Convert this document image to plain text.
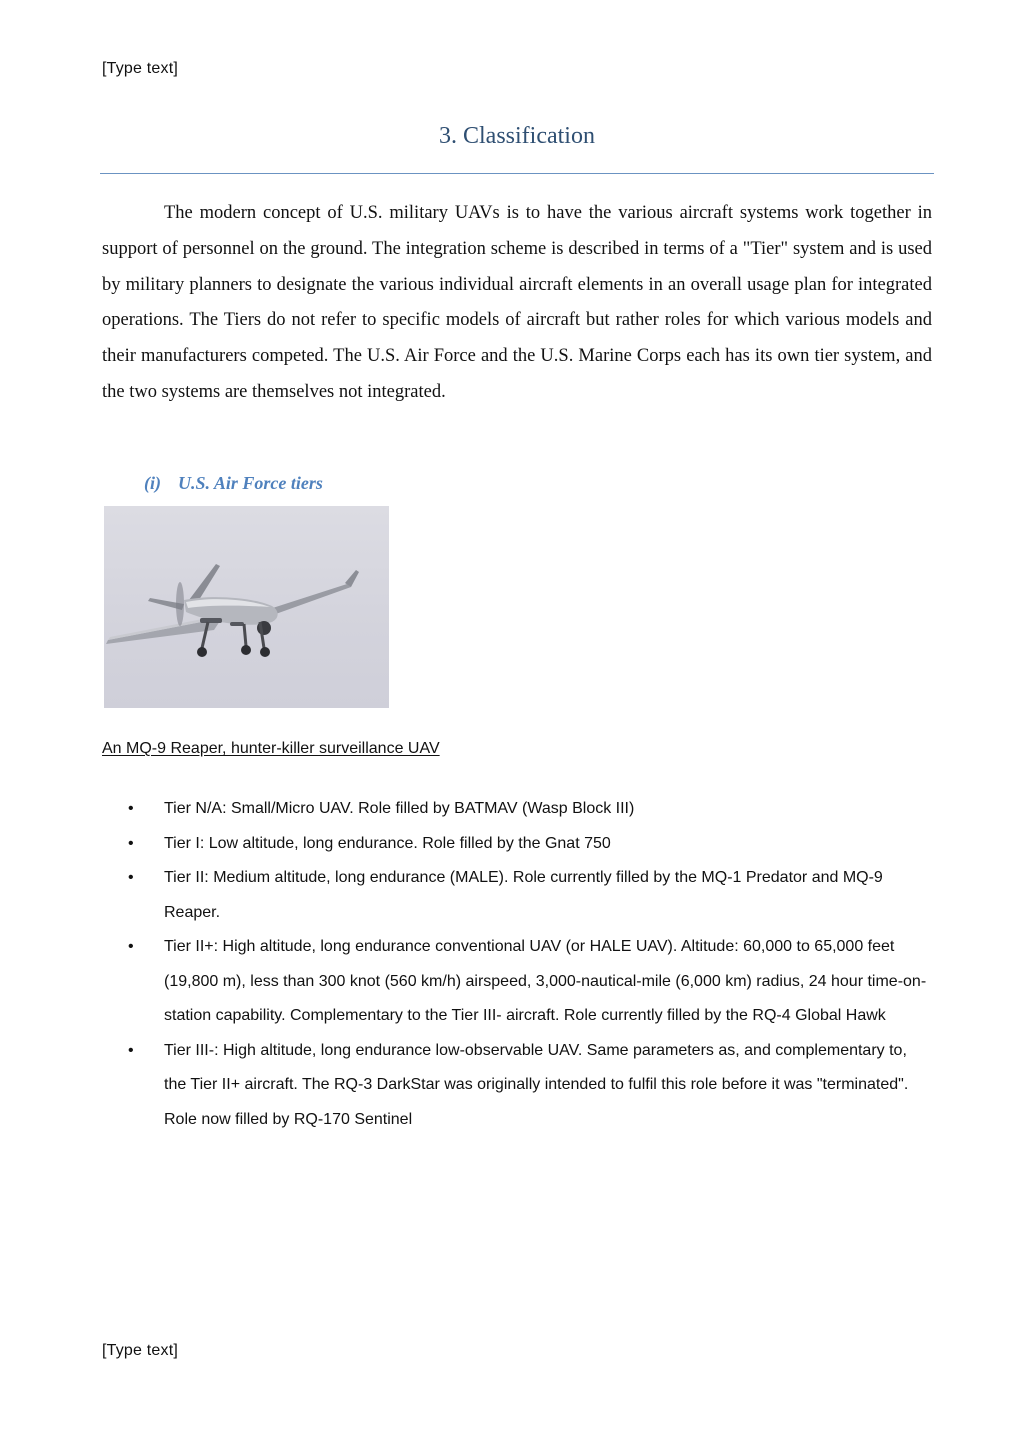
[Type text]
3. Classification

The modern concept of U.S. military UAVs is to have the various aircraft systems work together in support of personnel on the ground. The integration scheme is described in terms of a "Tier" system and is used by military planners to designate the various individual aircraft elements in an overall usage plan for integrated operations. The Tiers do not refer to specific models of aircraft but rather roles for which various models and their manufacturers competed. The U.S. Air Force and the U.S. Marine Corps each has its own tier system, and the two systems are themselves not integrated.

(i) U.S. Air Force tiers
An MQ-9 Reaper, hunter-killer surveillance UAV
• Tier N/A: Small/Micro UAV. Role filled by BATMAV (Wasp Block III)
• Tier I: Low altitude, long endurance. Role filled by the Gnat 750
• Tier II: Medium altitude, long endurance (MALE). Role currently filled by the MQ-1 Predator and MQ-9 Reaper.
• Tier II+: High altitude, long endurance conventional UAV (or HALE UAV). Altitude: 60,000 to 65,000 feet (19,800 m), less than 300 knot (560 km/h) airspeed, 3,000-nautical-mile (6,000 km) radius, 24 hour time-on-station capability. Complementary to the Tier III- aircraft. Role currently filled by the RQ-4 Global Hawk
• Tier III-: High altitude, long endurance low-observable UAV. Same parameters as, and complementary to, the Tier II+ aircraft. The RQ-3 DarkStar was originally intended to fulfil this role before it was "terminated". Role now filled by RQ-170 Sentinel
[Type text]
